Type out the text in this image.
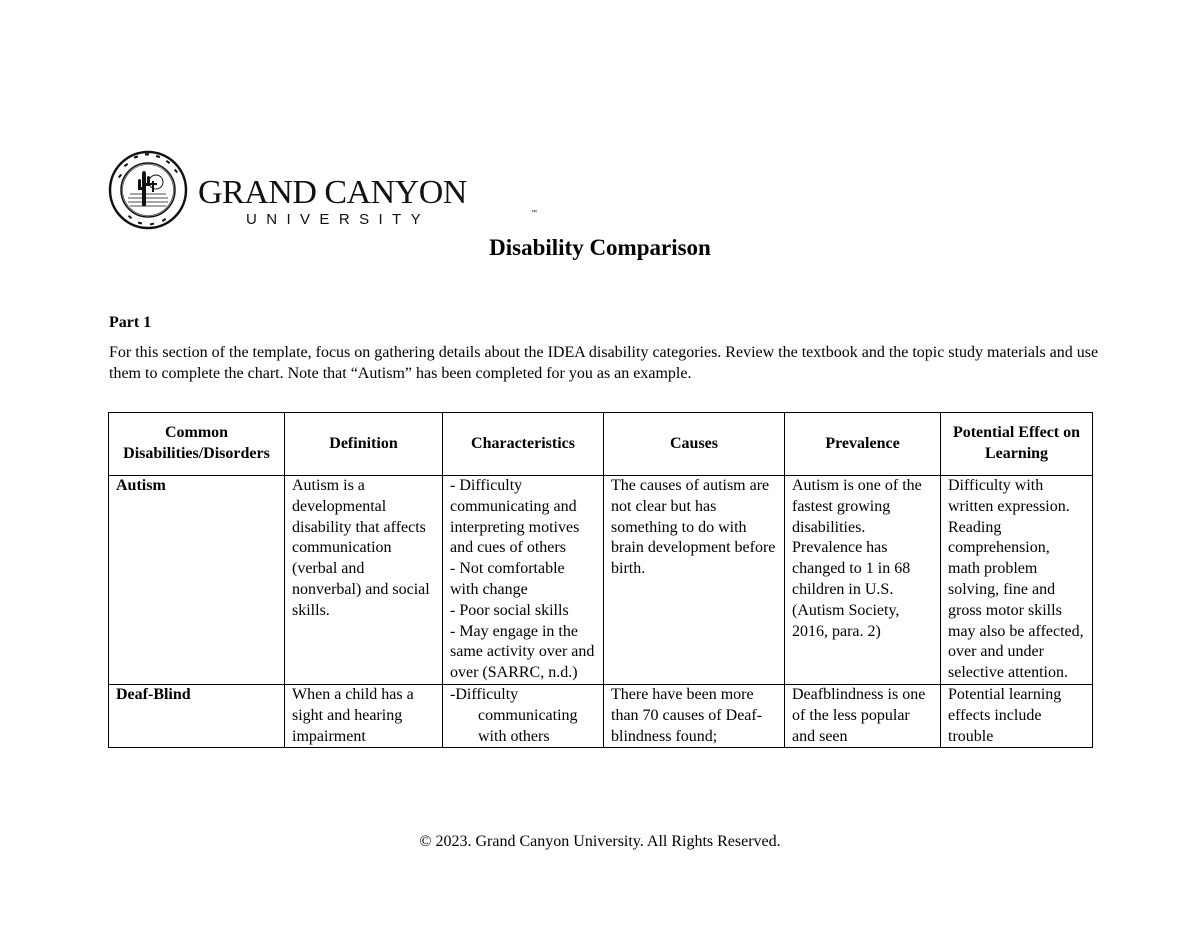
GRAND CANYON
UNIVERSITY	™
Disability Comparison
Part 1
For this section of the template, focus on gathering details about the IDEA disability categories. Review the textbook and the topic study materials and use them to complete the chart. Note that “Autism” has been completed for you as an example.
Common Disabilities/Disorders	Definition	Characteristics	Causes	Prevalence	Potential Effect on Learning
Autism	Autism is a developmental disability that affects communication (verbal and nonverbal) and social skills.	- Difficulty communicating and interpreting motives and cues of others
- Not comfortable with change
- Poor social skills
- May engage in the same activity over and over (SARRC, n.d.)	The causes of autism are not clear but has something to do with brain development before birth.	Autism is one of the fastest growing disabilities. Prevalence has changed to 1 in 68 children in U.S. (Autism Society, 2016, para. 2)	Difficulty with written expression. Reading comprehension, math problem solving, fine and gross motor skills may also be affected, over and under selective attention.

Deaf-Blind	When a child has a sight and hearing impairment	-Difficulty communicating with others	There have been more than 70 causes of Deaf-blindness found;	Deafblindness is one of the less popular and seen	Potential learning effects include trouble
© 2023. Grand Canyon University. All Rights Reserved.
